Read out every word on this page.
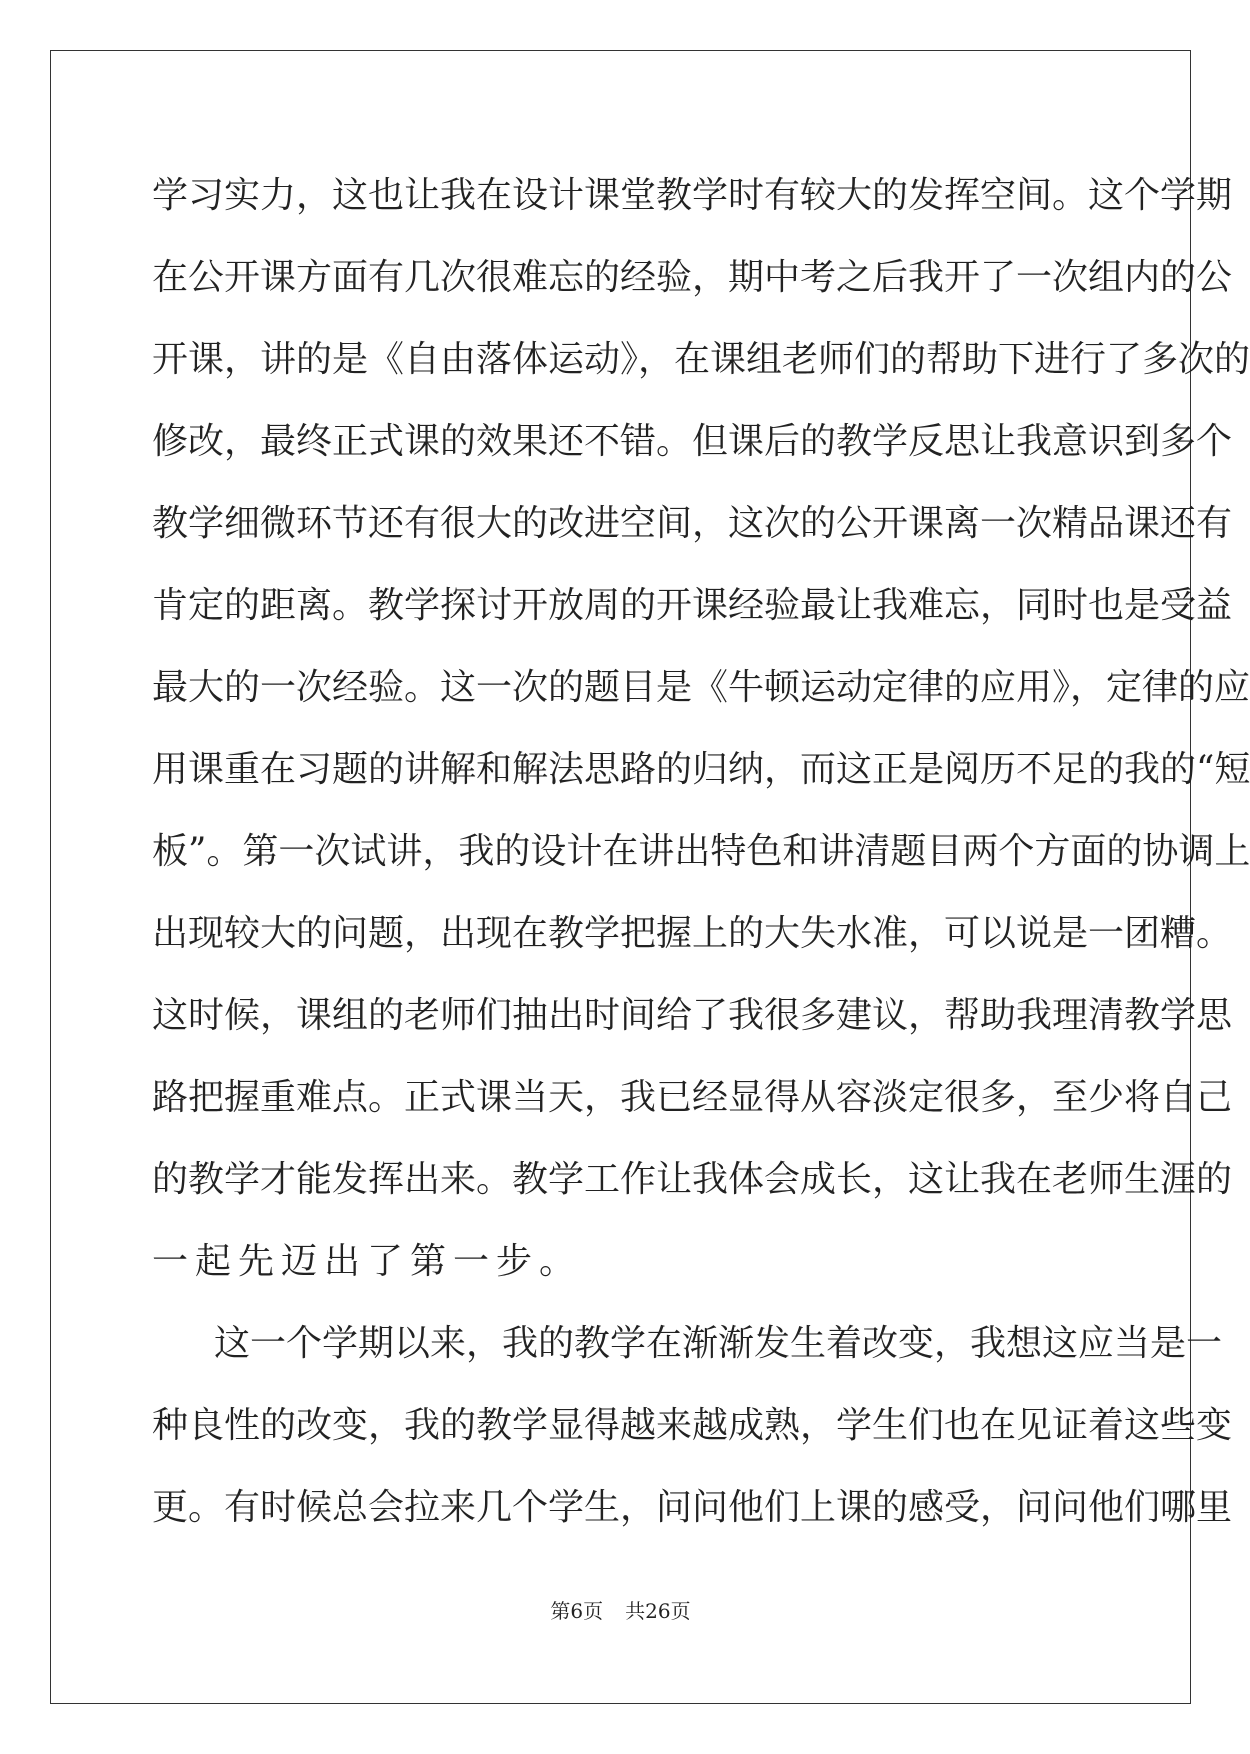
学习实力，这也让我在设计课堂教学时有较大的发挥空间。这个学期
在公开课方面有几次很难忘的经验，期中考之后我开了一次组内的公
开课，讲的是《自由落体运动》，在课组老师们的帮助下进行了多次的
修改，最终正式课的效果还不错。但课后的教学反思让我意识到多个
教学细微环节还有很大的改进空间，这次的公开课离一次精品课还有
肯定的距离。教学探讨开放周的开课经验最让我难忘，同时也是受益
最大的一次经验。这一次的题目是《牛顿运动定律的应用》，定律的应
用课重在习题的讲解和解法思路的归纳，而这正是阅历不足的我的“短
板”。第一次试讲，我的设计在讲出特色和讲清题目两个方面的协调上
出现较大的问题，出现在教学把握上的大失水准，可以说是一团糟。
这时候，课组的老师们抽出时间给了我很多建议，帮助我理清教学思
路把握重难点。正式课当天，我已经显得从容淡定很多，至少将自己
的教学才能发挥出来。教学工作让我体会成长，这让我在老师生涯的
一起先迈出了第一步。
这一个学期以来，我的教学在渐渐发生着改变，我想这应当是一
种良性的改变，我的教学显得越来越成熟，学生们也在见证着这些变
更。有时候总会拉来几个学生，问问他们上课的感受，问问他们哪里
第6页 共26页
